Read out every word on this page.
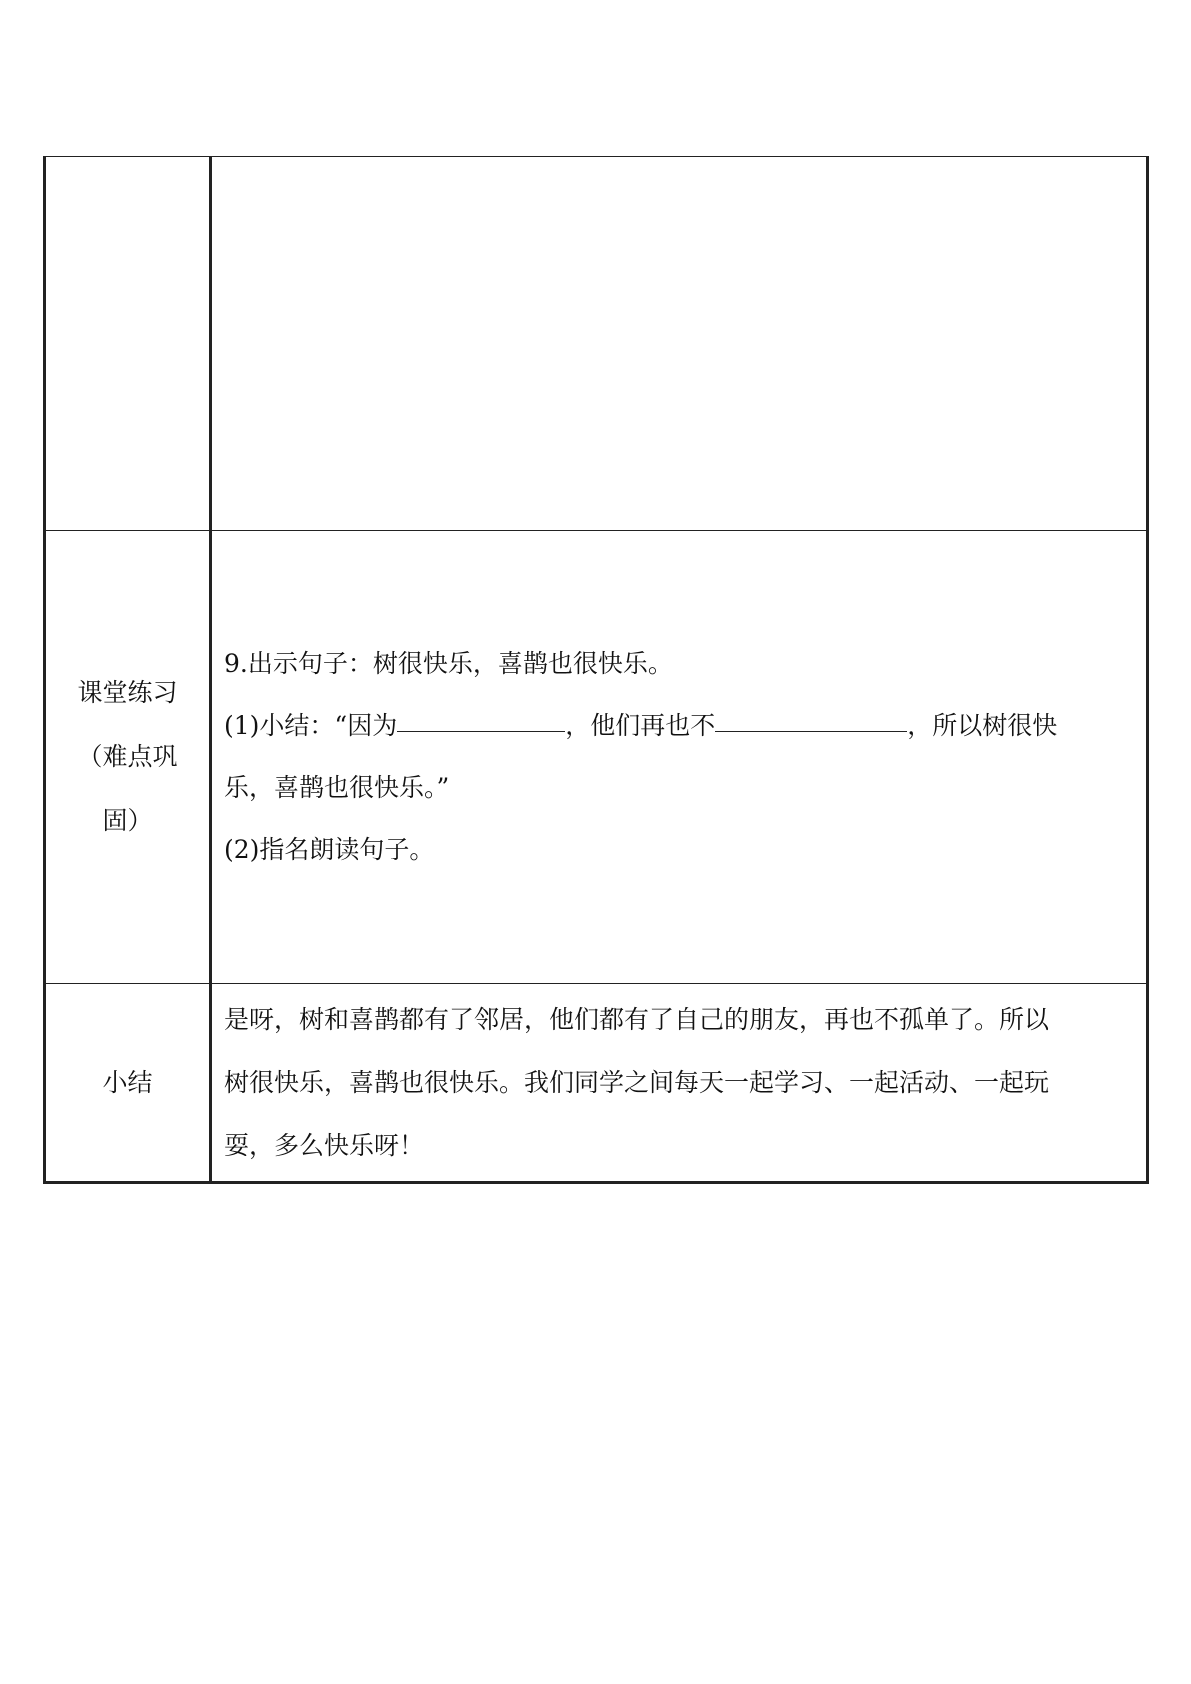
课堂练习
（难点巩
固）	9.出示句子：树很快乐，喜鹊也很快乐。
(1)小结：“因为 ，他们再也不 ，所以树很快
乐，喜鹊也很快乐。”
(2)指名朗读句子。

小结	是呀，树和喜鹊都有了邻居，他们都有了自己的朋友，再也不孤单了。所以
树很快乐，喜鹊也很快乐。我们同学之间每天一起学习、一起活动、一起玩
耍，多么快乐呀！
